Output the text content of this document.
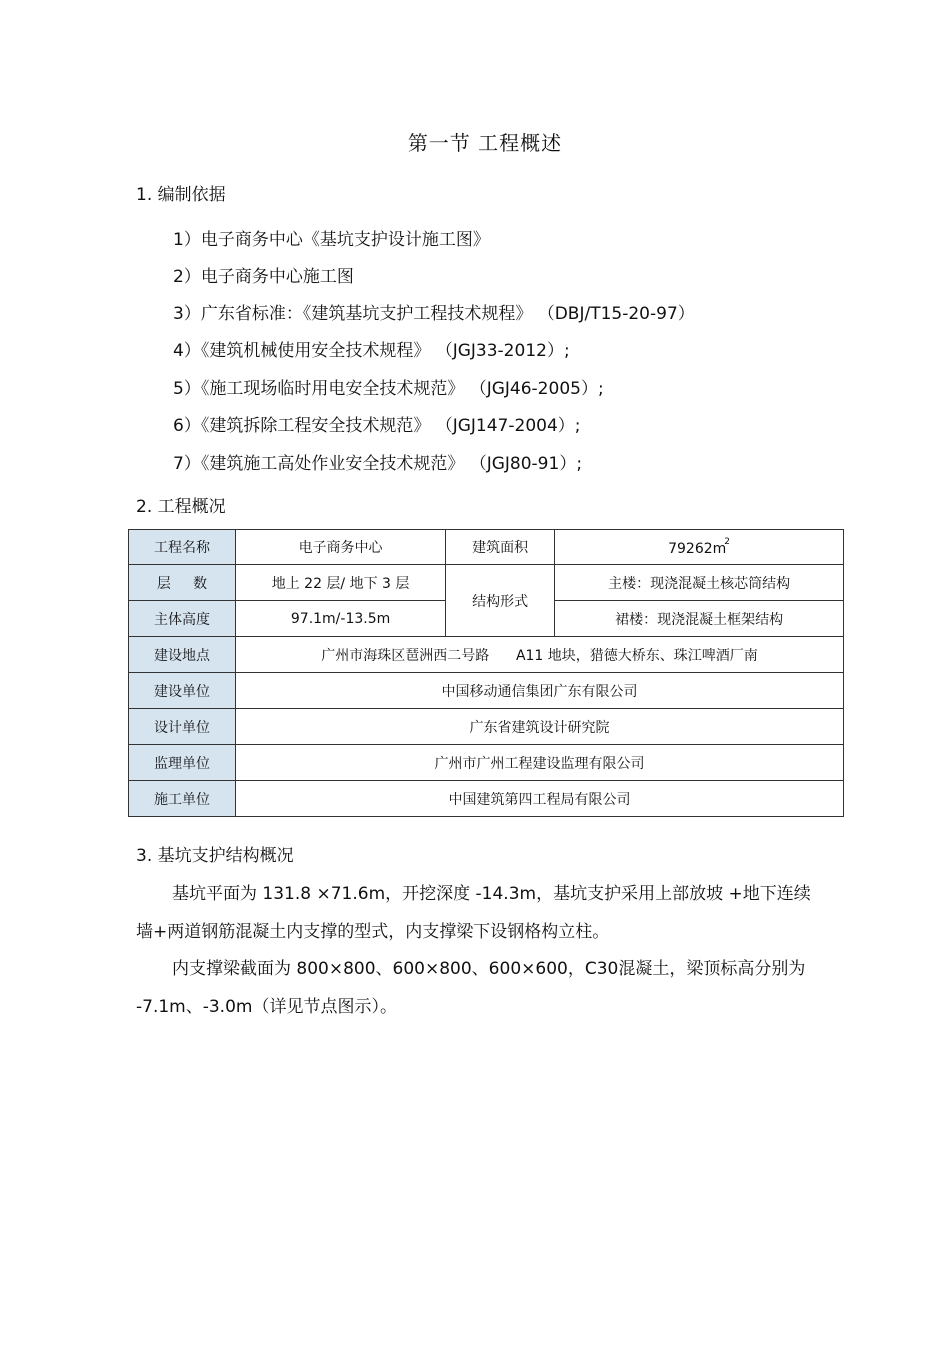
第一节 工程概述
1. 编制依据
1）电子商务中心《基坑支护设计施工图》
2）电子商务中心施工图
3）广东省标准：《建筑基坑支护工程技术规程》 （DBJ/T15-20-97）
4）《建筑机械使用安全技术规程》 （JGJ33-2012）;
5）《施工现场临时用电安全技术规范》 （JGJ46-2005）;
6）《建筑拆除工程安全技术规范》 （JGJ147-2004）;
7）《建筑施工高处作业安全技术规范》 （JGJ80-91）;
2. 工程概况
工程名称	电子商务中心	建筑面积	$79262m^2$
层     数	地上 22 层/ 地下 3 层	结构形式	主楼：现浇混凝土核芯筒结构
主体高度	97.1m/-13.5m		裙楼：现浇混凝土框架结构
建设地点	广州市海珠区琶洲西二号路      A11 地块，猎德大桥东、珠江啤酒厂南		
建设单位	中国移动通信集团广东有限公司		
设计单位	广东省建筑设计研究院		
监理单位	广州市广州工程建设监理有限公司		
施工单位	中国建筑第四工程局有限公司		
3. 基坑支护结构概况
基坑平面为 131.8 ×71.6m，开挖深度 -14.3m，基坑支护采用上部放坡 +地下连续
墙+两道钢筋混凝土内支撑的型式，内支撑梁下设钢格构立柱。
内支撑梁截面为 800×800、600×800、600×600，C30混凝土，梁顶标高分别为
-7.1m、-3.0m（详见节点图示）。
